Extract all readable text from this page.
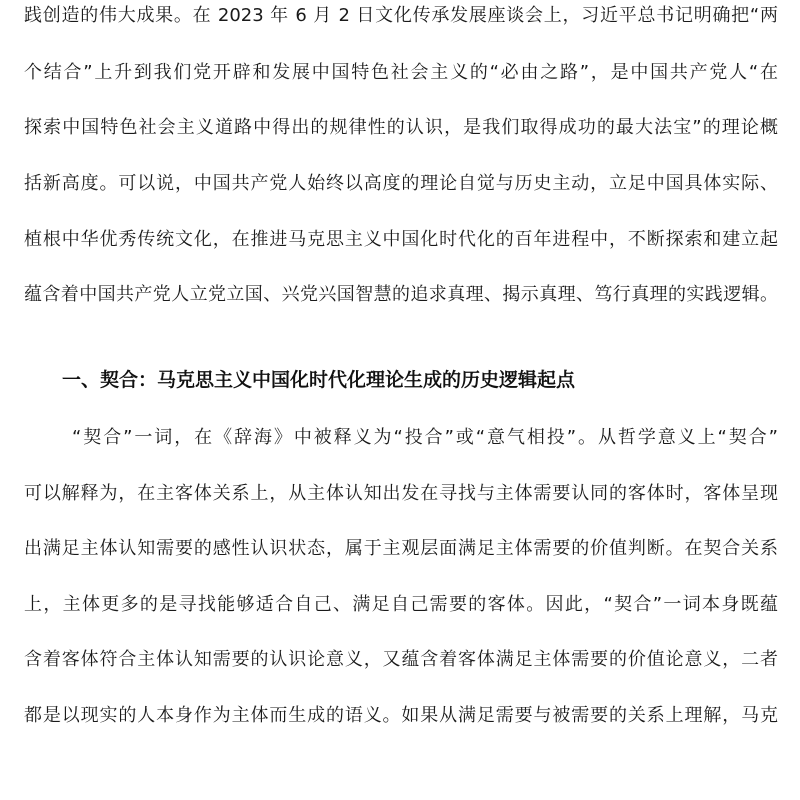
践创造的伟大成果。在 2023 年 6 月 2 日文化传承发展座谈会上，习近平总书记明确把“两
个结合”上升到我们党开辟和发展中国特色社会主义的“必由之路”，是中国共产党人“在
探索中国特色社会主义道路中得出的规律性的认识，是我们取得成功的最大法宝”的理论概
括新高度。可以说，中国共产党人始终以高度的理论自觉与历史主动，立足中国具体实际、
植根中华优秀传统文化，在推进马克思主义中国化时代化的百年进程中，不断探索和建立起
蕴含着中国共产党人立党立国、兴党兴国智慧的追求真理、揭示真理、笃行真理的实践逻辑。
一、契合：马克思主义中国化时代化理论生成的历史逻辑起点
“契合”一词，在《辞海》中被释义为“投合”或“意气相投”。从哲学意义上“契合”
可以解释为，在主客体关系上，从主体认知出发在寻找与主体需要认同的客体时，客体呈现
出满足主体认知需要的感性认识状态，属于主观层面满足主体需要的价值判断。在契合关系
上，主体更多的是寻找能够适合自己、满足自己需要的客体。因此，“契合”一词本身既蕴
含着客体符合主体认知需要的认识论意义，又蕴含着客体满足主体需要的价值论意义，二者
都是以现实的人本身作为主体而生成的语义。如果从满足需要与被需要的关系上理解，马克
